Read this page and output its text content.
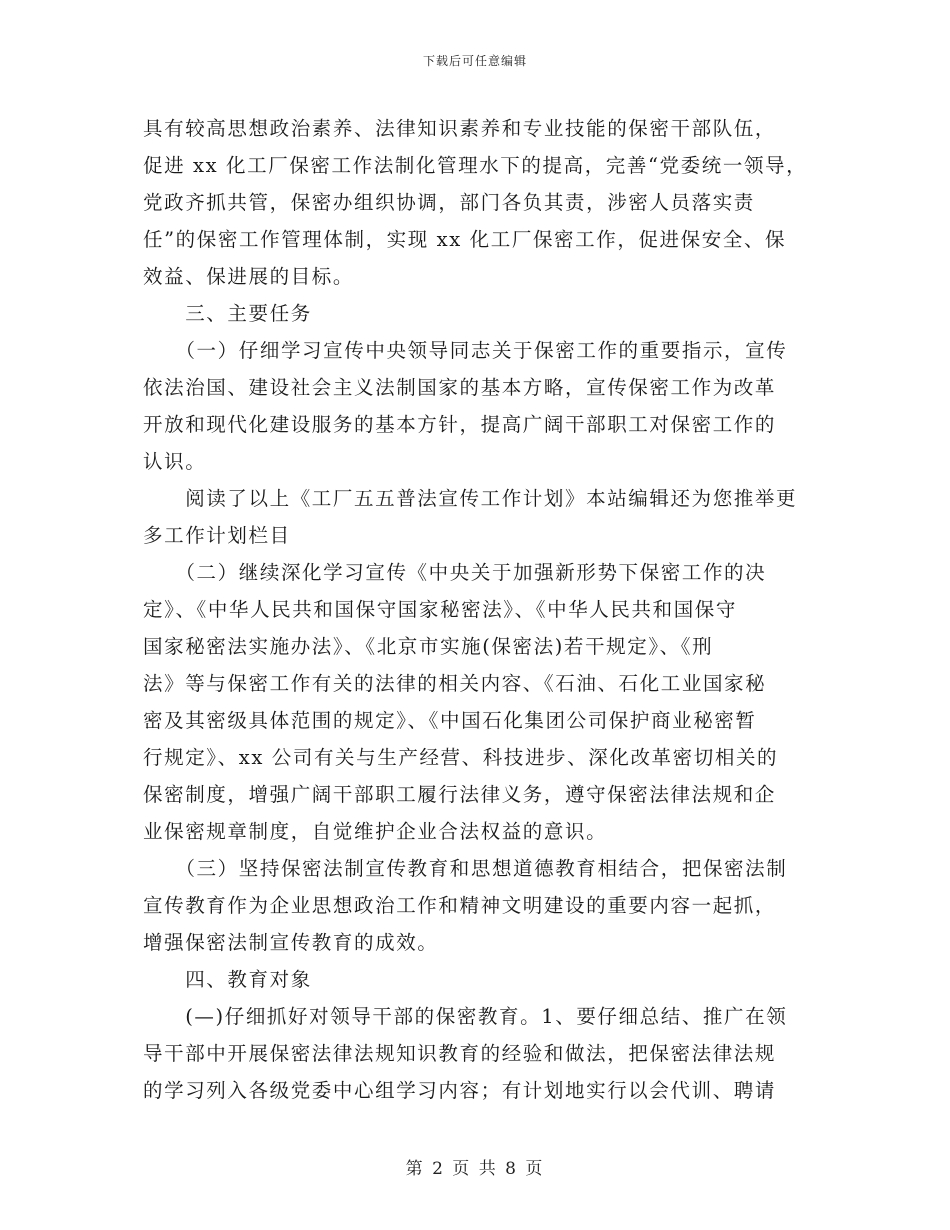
下载后可任意编辑
具有较高思想政治素养、法律知识素养和专业技能的保密干部队伍，
促进 xx 化工厂保密工作法制化管理水下的提高，完善“党委统一领导，
党政齐抓共管，保密办组织协调，部门各负其责，涉密人员落实责
任”的保密工作管理体制，实现 xx 化工厂保密工作，促进保安全、保
效益、保进展的目标。
　　三、主要任务
　　（一）仔细学习宣传中央领导同志关于保密工作的重要指示，宣传
依法治国、建设社会主义法制国家的基本方略，宣传保密工作为改革
开放和现代化建设服务的基本方针，提高广阔干部职工对保密工作的
认识。
　　阅读了以上《工厂五五普法宣传工作计划》本站编辑还为您推举更
多工作计划栏目
　　（二）继续深化学习宣传《中央关于加强新形势下保密工作的决
定》、《中华人民共和国保守国家秘密法》、《中华人民共和国保守
国家秘密法实施办法》、《北京市实施(保密法)若干规定》、《刑
法》等与保密工作有关的法律的相关内容、《石油、石化工业国家秘
密及其密级具体范围的规定》、《中国石化集团公司保护商业秘密暂
行规定》、xx 公司有关与生产经营、科技进步、深化改革密切相关的
保密制度，增强广阔干部职工履行法律义务，遵守保密法律法规和企
业保密规章制度，自觉维护企业合法权益的意识。
　　（三）坚持保密法制宣传教育和思想道德教育相结合，把保密法制
宣传教育作为企业思想政治工作和精神文明建设的重要内容一起抓，
增强保密法制宣传教育的成效。
　　四、教育对象
　　(—)仔细抓好对领导干部的保密教育。1、要仔细总结、推广在领
导干部中开展保密法律法规知识教育的经验和做法，把保密法律法规
的学习列入各级党委中心组学习内容；有计划地实行以会代训、聘请
第 2 页 共 8 页
